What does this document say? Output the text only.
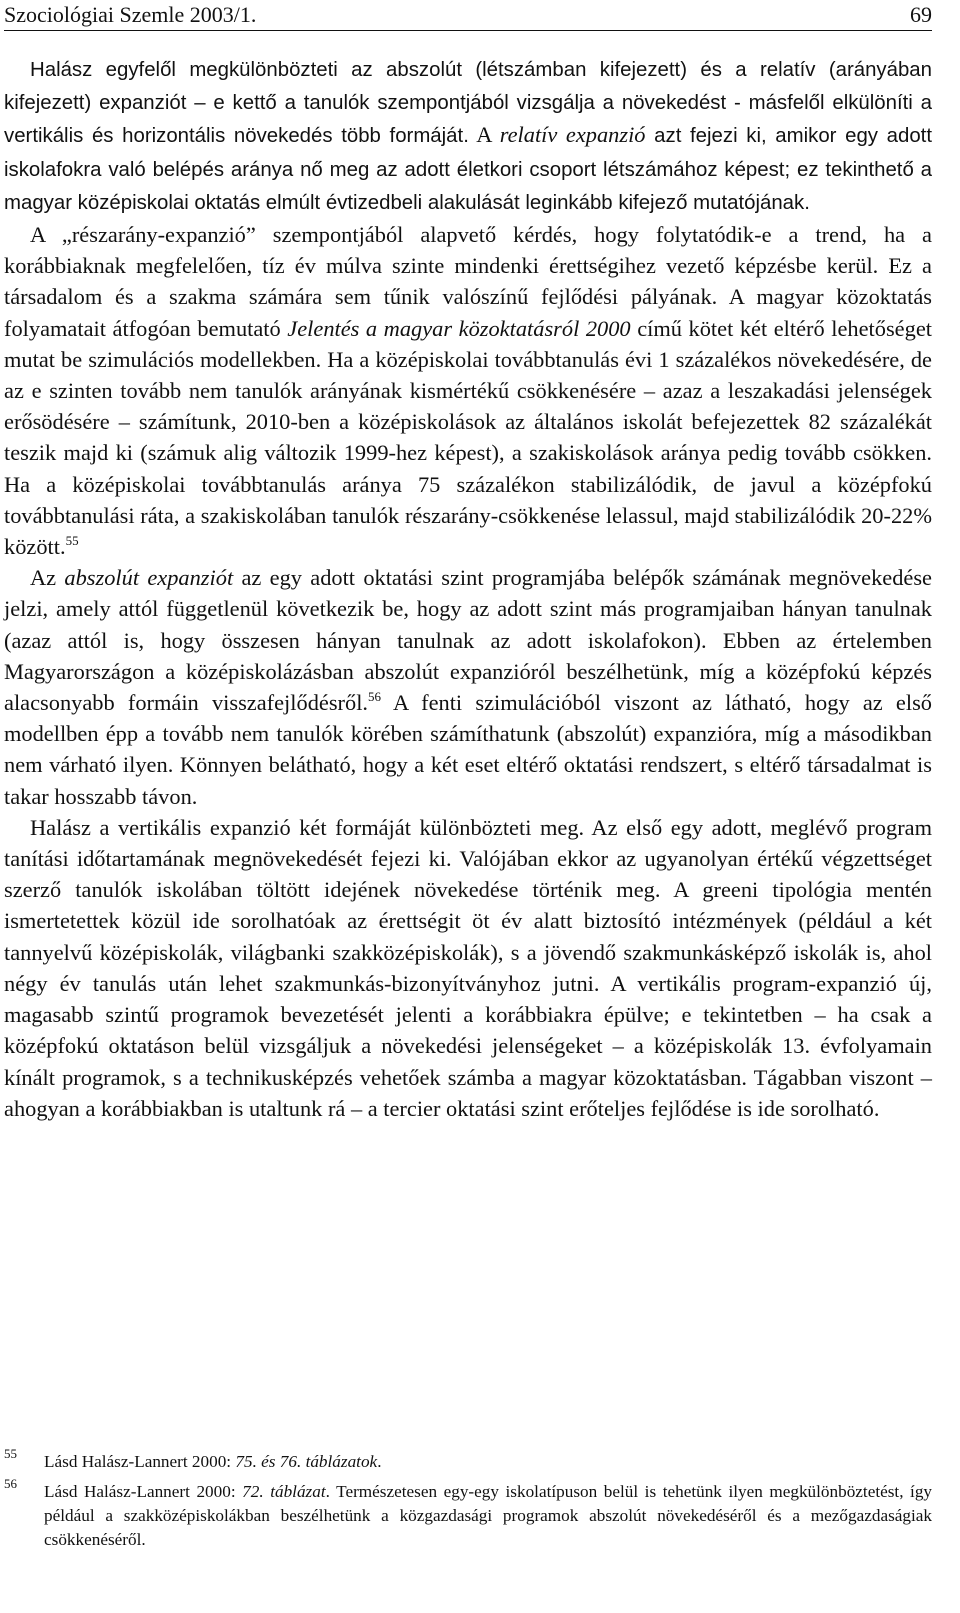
Szociológiai Szemle 2003/1.	69

Halász egyfelől megkülönbözteti az abszolút (létszámban kifejezett) és a relatív (arányában kifejezett) expanziót – e kettő a tanulók szempontjából vizsgálja a növekedést - másfelől elkülöníti a vertikális és horizontális növekedés több formáját. A relatív expanzió azt fejezi ki, amikor egy adott iskolafokra való belépés aránya nő meg az adott életkori csoport létszámához képest; ez tekinthető a magyar középiskolai oktatás elmúlt évtizedbeli alakulását leginkább kifejező mutatójának.

A „részarány-expanzió” szempontjából alapvető kérdés, hogy folytatódik-e a trend, ha a korábbiaknak megfelelően, tíz év múlva szinte mindenki érettségihez vezető képzésbe kerül. Ez a társadalom és a szakma számára sem tűnik valószínű fejlődési pályának. A magyar közoktatás folyamatait átfogóan bemutató Jelentés a magyar közoktatásról 2000 című kötet két eltérő lehetőséget mutat be szimulációs modellekben. Ha a középiskolai továbbtanulás évi 1 százalékos növekedésére, de az e szinten tovább nem tanulók arányának kismértékű csökkenésére – azaz a leszakadási jelenségek erősödésére – számítunk, 2010-ben a középiskolások az általános iskolát befejezettek 82 százalékát teszik majd ki (számuk alig változik 1999-hez képest), a szakiskolások aránya pedig tovább csökken. Ha a középiskolai továbbtanulás aránya 75 százalékon stabilizálódik, de javul a középfokú továbbtanulási ráta, a szakiskolában tanulók részarány-csökkenése lelassul, majd stabilizálódik 20-22% között.$^{55}$

Az abszolút expanziót az egy adott oktatási szint programjába belépők számának megnövekedése jelzi, amely attól függetlenül következik be, hogy az adott szint más programjaiban hányan tanulnak (azaz attól is, hogy összesen hányan tanulnak az adott iskolafokon). Ebben az értelemben Magyarországon a középiskolázásban abszolút expanzióról beszélhetünk, míg a középfokú képzés alacsonyabb formáin visszafejlődésről.$^{56}$ A fenti szimulációból viszont az látható, hogy az első modellben épp a tovább nem tanulók körében számíthatunk (abszolút) expanzióra, míg a másodikban nem várható ilyen. Könnyen belátható, hogy a két eset eltérő oktatási rendszert, s eltérő társadalmat is takar hosszabb távon.

Halász a vertikális expanzió két formáját különbözteti meg. Az első egy adott, meglévő program tanítási időtartamának megnövekedését fejezi ki. Valójában ekkor az ugyanolyan értékű végzettséget szerző tanulók iskolában töltött idejének növekedése történik meg. A greeni tipológia mentén ismertetettek közül ide sorolhatóak az érettségit öt év alatt biztosító intézmények (például a két tannyelvű középiskolák, világbanki szakközépiskolák), s a jövendő szakmunkásképző iskolák is, ahol négy év tanulás után lehet szakmunkás-bizonyítványhoz jutni. A vertikális program-expanzió új, magasabb szintű programok bevezetését jelenti a korábbiakra épülve; e tekintetben – ha csak a középfokú oktatáson belül vizsgáljuk a növekedési jelenségeket – a középiskolák 13. évfolyamain kínált programok, s a technikusképzés vehetőek számba a magyar közoktatásban. Tágabban viszont – ahogyan a korábbiakban is utaltunk rá – a tercier oktatási szint erőteljes fejlődése is ide sorolható.

55 Lásd Halász-Lannert 2000: 75. és 76. táblázatok.
56 Lásd Halász-Lannert 2000: 72. táblázat. Természetesen egy-egy iskolatípuson belül is tehetünk ilyen megkülönböztetést, így például a szakközépiskolákban beszélhetünk a közgazdasági programok abszolút növekedéséről és a mezőgazdaságiak csökkenéséről.
